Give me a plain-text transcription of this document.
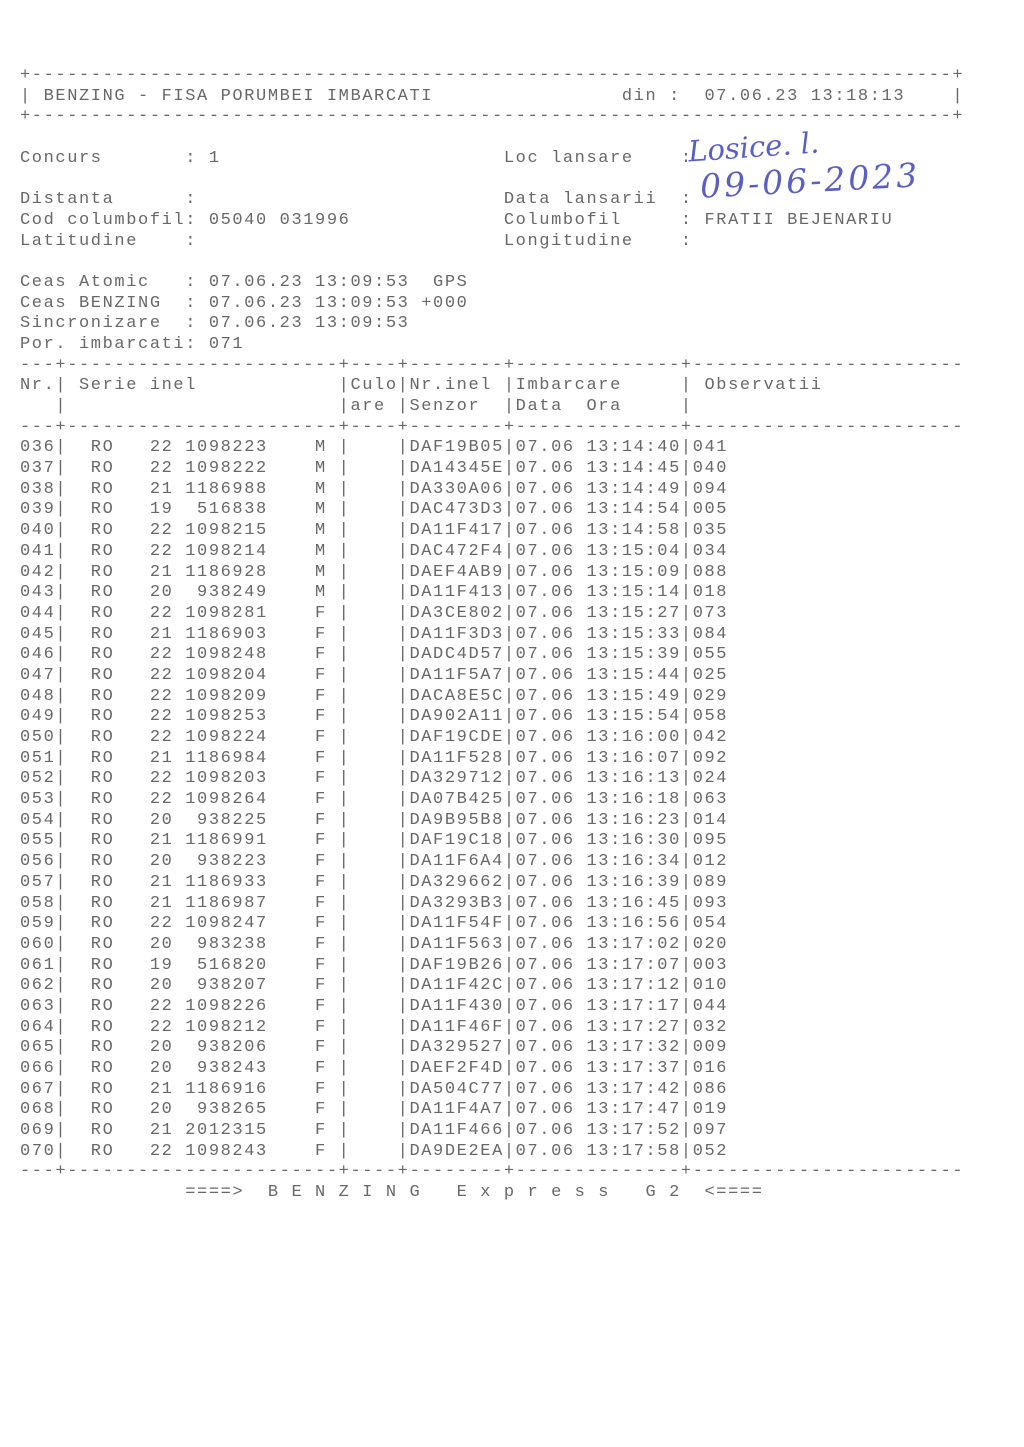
+------------------------------------------------------------------------------+
| BENZING - FISA PORUMBEI IMBARCATI                din :  07.06.23 13:18:13    |
+------------------------------------------------------------------------------+
Concurs       : 1                        Loc lansare    :
Distanta      :                          Data lansarii  :
Cod columbofil: 05040 031996             Columbofil     : FRATII BEJENARIU
Latitudine    :                          Longitudine    :
Ceas Atomic   : 07.06.23 13:09:53  GPS
Ceas BENZING  : 07.06.23 13:09:53 +000
Sincronizare  : 07.06.23 13:09:53
Por. imbarcati: 071
---+-----------------------+----+--------+--------------+-----------------------
Nr.| Serie inel            |Culo|Nr.inel |Imbarcare     | Observatii
|                       |are |Senzor  |Data  Ora     |
---+-----------------------+----+--------+--------------+-----------------------
036|  RO   22 1098223    M |    |DAF19B05|07.06 13:14:40|041
037|  RO   22 1098222    M |    |DA14345E|07.06 13:14:45|040
038|  RO   21 1186988    M |    |DA330A06|07.06 13:14:49|094
039|  RO   19  516838    M |    |DAC473D3|07.06 13:14:54|005
040|  RO   22 1098215    M |    |DA11F417|07.06 13:14:58|035
041|  RO   22 1098214    M |    |DAC472F4|07.06 13:15:04|034
042|  RO   21 1186928    M |    |DAEF4AB9|07.06 13:15:09|088
043|  RO   20  938249    M |    |DA11F413|07.06 13:15:14|018
044|  RO   22 1098281    F |    |DA3CE802|07.06 13:15:27|073
045|  RO   21 1186903    F |    |DA11F3D3|07.06 13:15:33|084
046|  RO   22 1098248    F |    |DADC4D57|07.06 13:15:39|055
047|  RO   22 1098204    F |    |DA11F5A7|07.06 13:15:44|025
048|  RO   22 1098209    F |    |DACA8E5C|07.06 13:15:49|029
049|  RO   22 1098253    F |    |DA902A11|07.06 13:15:54|058
050|  RO   22 1098224    F |    |DAF19CDE|07.06 13:16:00|042
051|  RO   21 1186984    F |    |DA11F528|07.06 13:16:07|092
052|  RO   22 1098203    F |    |DA329712|07.06 13:16:13|024
053|  RO   22 1098264    F |    |DA07B425|07.06 13:16:18|063
054|  RO   20  938225    F |    |DA9B95B8|07.06 13:16:23|014
055|  RO   21 1186991    F |    |DAF19C18|07.06 13:16:30|095
056|  RO   20  938223    F |    |DA11F6A4|07.06 13:16:34|012
057|  RO   21 1186933    F |    |DA329662|07.06 13:16:39|089
058|  RO   21 1186987    F |    |DA3293B3|07.06 13:16:45|093
059|  RO   22 1098247    F |    |DA11F54F|07.06 13:16:56|054
060|  RO   20  983238    F |    |DA11F563|07.06 13:17:02|020
061|  RO   19  516820    F |    |DAF19B26|07.06 13:17:07|003
062|  RO   20  938207    F |    |DA11F42C|07.06 13:17:12|010
063|  RO   22 1098226    F |    |DA11F430|07.06 13:17:17|044
064|  RO   22 1098212    F |    |DA11F46F|07.06 13:17:27|032
065|  RO   20  938206    F |    |DA329527|07.06 13:17:32|009
066|  RO   20  938243    F |    |DAEF2F4D|07.06 13:17:37|016
067|  RO   21 1186916    F |    |DA504C77|07.06 13:17:42|086
068|  RO   20  938265    F |    |DA11F4A7|07.06 13:17:47|019
069|  RO   21 2012315    F |    |DA11F466|07.06 13:17:52|097
070|  RO   22 1098243    F |    |DA9DE2EA|07.06 13:17:58|052
---+-----------------------+----+--------+--------------+-----------------------
====>  B E N Z I N G   E x p r e s s   G 2  <====
Losice. l.
09-06-2023
